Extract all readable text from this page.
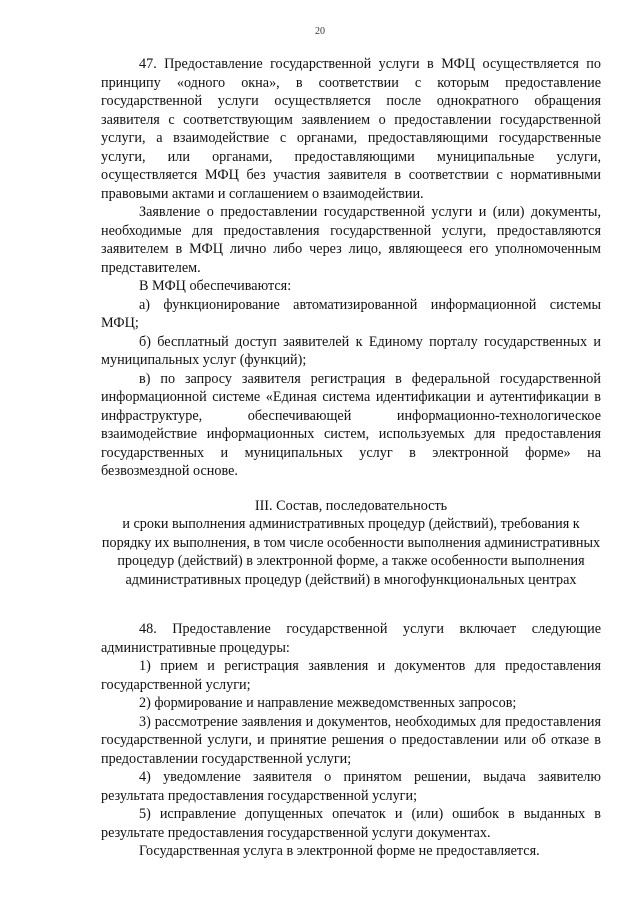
20

47. Предоставление государственной услуги в МФЦ осуществляется по принципу «одного окна», в соответствии с которым предоставление государственной услуги осуществляется после однократного обращения заявителя с соответствующим заявлением о предоставлении государственной услуги, а взаимодействие с органами, предоставляющими государственные услуги, или органами, предоставляющими муниципальные услуги, осуществляется МФЦ без участия заявителя в соответствии с нормативными правовыми актами и соглашением о взаимодействии.

Заявление о предоставлении государственной услуги и (или) документы, необходимые для предоставления государственной услуги, предоставляются заявителем в МФЦ лично либо через лицо, являющееся его уполномоченным представителем.

В МФЦ обеспечиваются:

а) функционирование автоматизированной информационной системы МФЦ;

б) бесплатный доступ заявителей к Единому порталу государственных и муниципальных услуг (функций);

в) по запросу заявителя регистрация в федеральной государственной информационной системе «Единая система идентификации и аутентификации в инфраструктуре, обеспечивающей информационно-технологическое взаимодействие информационных систем, используемых для предоставления государственных и муниципальных услуг в электронной форме» на безвозмездной основе.

III. Состав, последовательность
и сроки выполнения административных процедур (действий), требования к порядку их выполнения, в том числе особенности выполнения административных процедур (действий) в электронной форме, а также особенности выполнения административных процедур (действий) в многофункциональных центрах

48. Предоставление государственной услуги включает следующие административные процедуры:

1) прием и регистрация заявления и документов для предоставления государственной услуги;

2) формирование и направление межведомственных запросов;

3) рассмотрение заявления и документов, необходимых для предоставления государственной услуги, и принятие решения о предоставлении или об отказе в предоставлении государственной услуги;

4) уведомление заявителя о принятом решении, выдача заявителю результата предоставления государственной услуги;

5) исправление допущенных опечаток и (или) ошибок в выданных в результате предоставления государственной услуги документах.

Государственная услуга в электронной форме не предоставляется.
